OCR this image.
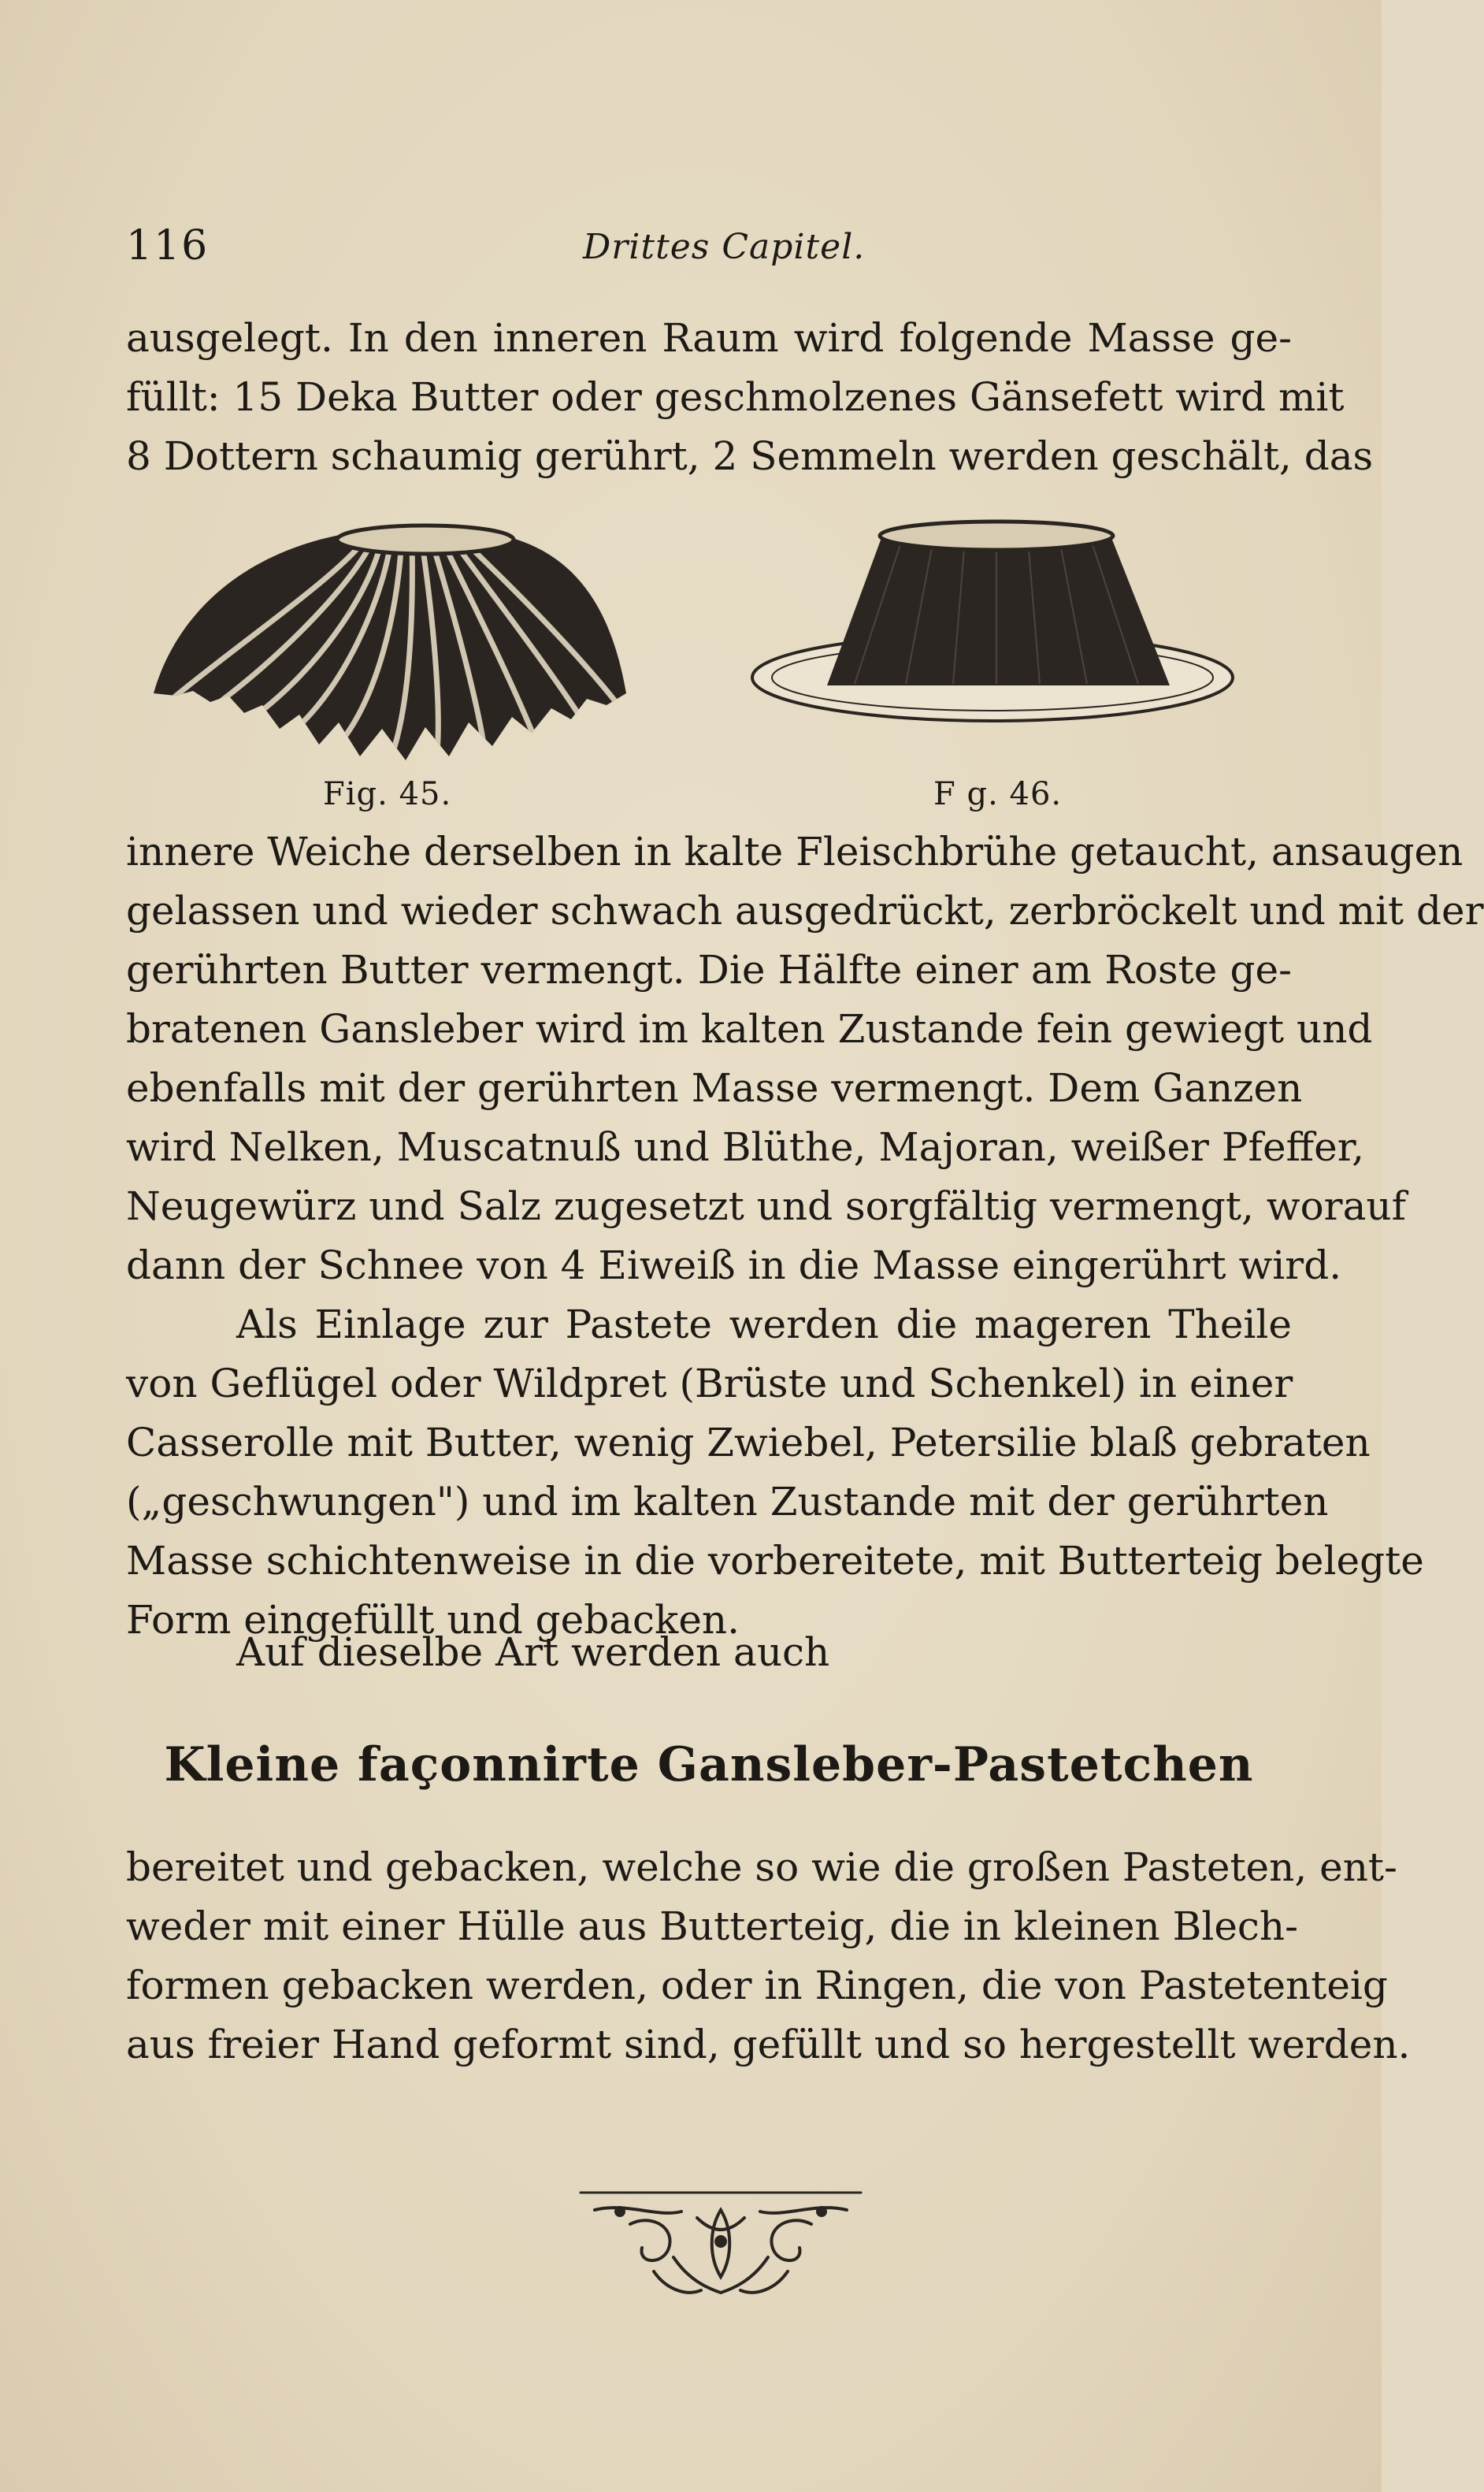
116	Drittes Capitel.
ausgelegt. In den inneren Raum wird folgende Masse ge-
füllt: 15 Deka Butter oder geschmolzenes Gänsefett wird mit
8 Dottern schaumig gerührt, 2 Semmeln werden geschält, das
Fig. 45.	F g. 46.
innere Weiche derselben in kalte Fleischbrühe getaucht, ansaugen
gelassen und wieder schwach ausgedrückt, zerbröckelt und mit der
gerührten Butter vermengt. Die Hälfte einer am Roste ge-
bratenen Gansleber wird im kalten Zustande fein gewiegt und
ebenfalls mit der gerührten Masse vermengt. Dem Ganzen
wird Nelken, Muscatnuß und Blüthe, Majoran, weißer Pfeffer,
Neugewürz und Salz zugesetzt und sorgfältig vermengt, worauf
dann der Schnee von 4 Eiweiß in die Masse eingerührt wird.
Als Einlage zur Pastete werden die mageren Theile
von Geflügel oder Wildpret (Brüste und Schenkel) in einer
Casserolle mit Butter, wenig Zwiebel, Petersilie blaß gebraten
(„geschwungen") und im kalten Zustande mit der gerührten
Masse schichtenweise in die vorbereitete, mit Butterteig belegte
Form eingefüllt und gebacken.
Auf dieselbe Art werden auch
Kleine façonnirte Gansleber-Pastetchen
bereitet und gebacken, welche so wie die großen Pasteten, ent-
weder mit einer Hülle aus Butterteig, die in kleinen Blech-
formen gebacken werden, oder in Ringen, die von Pastetenteig
aus freier Hand geformt sind, gefüllt und so hergestellt werden.
